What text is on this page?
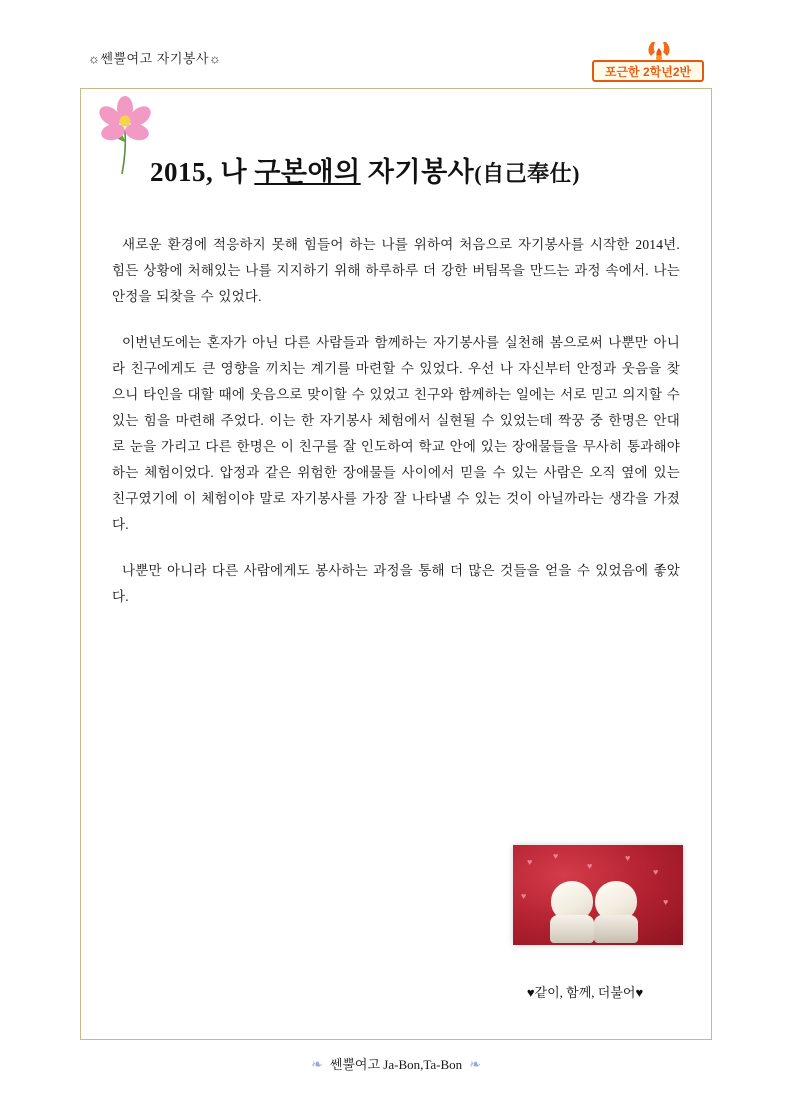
☼쎈뿔여고 자기봉사☼
포근한 2학년2반
2015, 나 구본애의 자기봉사(自己奉仕)

새로운 환경에 적응하지 못해 힘들어 하는 나를 위하여 처음으로 자기봉사를 시작한 2014년. 힘든 상황에 처해있는 나를 지지하기 위해 하루하루 더 강한 버팀목을 만드는 과정 속에서. 나는 안정을 되찾을 수 있었다.

이번년도에는 혼자가 아닌 다른 사람들과 함께하는 자기봉사를 실천해 봄으로써 나뿐만 아니라 친구에게도 큰 영향을 끼치는 계기를 마련할 수 있었다. 우선 나 자신부터 안정과 웃음을 찾으니 타인을 대할 때에 웃음으로 맞이할 수 있었고 친구와 함께하는 일에는 서로 믿고 의지할 수 있는 힘을 마련해 주었다. 이는 한 자기봉사 체험에서 실현될 수 있었는데 짝꿍 중 한명은 안대로 눈을 가리고 다른 한명은 이 친구를 잘 인도하여 학교 안에 있는 장애물들을 무사히 통과해야 하는 체험이었다. 압정과 같은 위험한 장애물들 사이에서 믿을 수 있는 사람은 오직 옆에 있는 친구였기에 이 체험이야 말로 자기봉사를 가장 잘 나타낼 수 있는 것이 아닐까라는 생각을 가졌다.

나뿐만 아니라 다른 사람에게도 봉사하는 과정을 통해 더 많은 것들을 얻을 수 있었음에 좋았다.

♥
♥
♥
♥
♥
♥
♥
♥같이, 함께, 더불어♥
❧ 쎈뿔여고 Ja-Bon,Ta-Bon ❧
